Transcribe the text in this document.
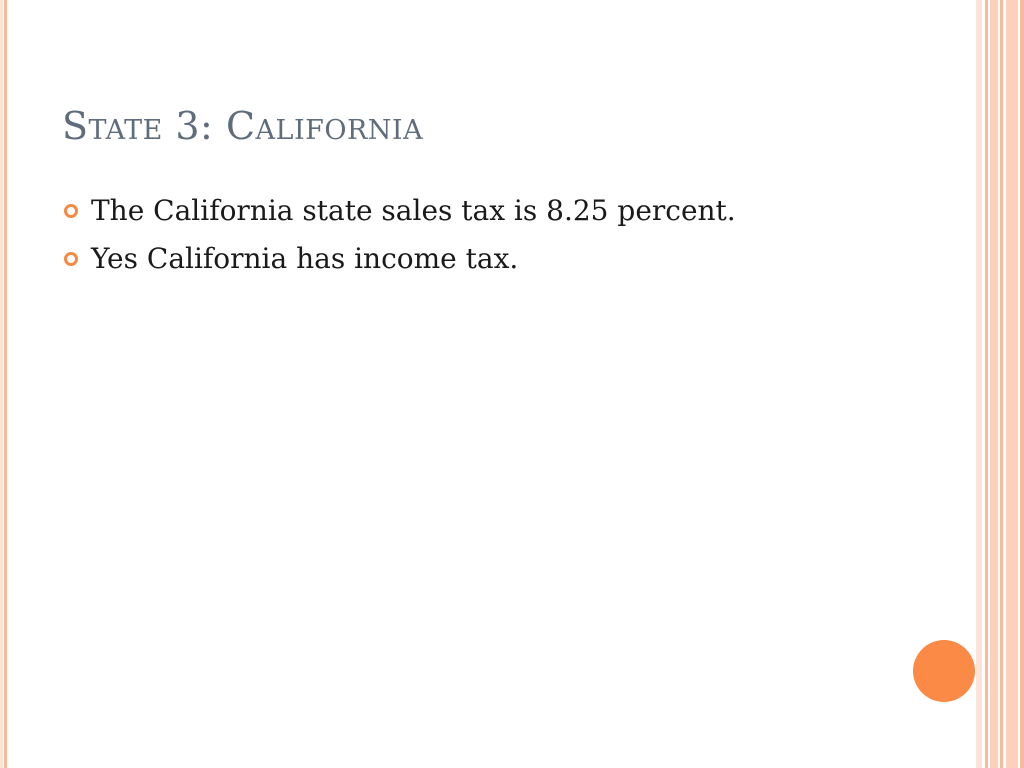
State 3: California
The California state sales tax is 8.25 percent.
Yes California has income tax.
